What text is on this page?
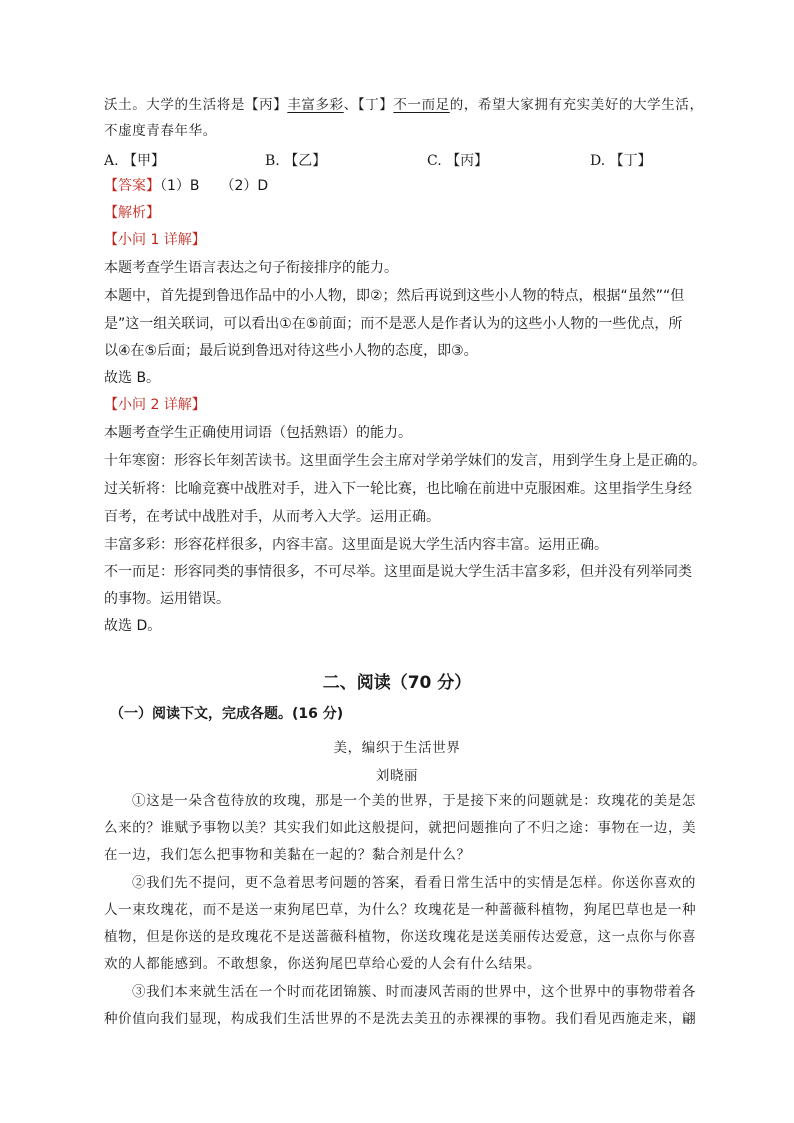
沃土。大学的生活将是【丙】丰富多彩、【丁】不一而足的，希望大家拥有充实美好的大学生活，
不虚度青春年华。
A. 【甲】	B. 【乙】	C. 【丙】	D. 【丁】
【答案】（1）B　　（2）D
【解析】
【小问 1 详解】
本题考查学生语言表达之句子衔接排序的能力。
本题中，首先提到鲁迅作品中的小人物，即②；然后再说到这些小人物的特点，根据“虽然”“但
是”这一组关联词，可以看出①在⑤前面；而不是恶人是作者认为的这些小人物的一些优点，所
以④在⑤后面；最后说到鲁迅对待这些小人物的态度，即③。
故选 B。
【小问 2 详解】
本题考查学生正确使用词语（包括熟语）的能力。
十年寒窗：形容长年刻苦读书。这里面学生会主席对学弟学妹们的发言，用到学生身上是正确的。
过关斩将：比喻竞赛中战胜对手，进入下一轮比赛，也比喻在前进中克服困难。这里指学生身经
百考，在考试中战胜对手，从而考入大学。运用正确。
丰富多彩：形容花样很多，内容丰富。这里面是说大学生活内容丰富。运用正确。
不一而足：形容同类的事情很多，不可尽举。这里面是说大学生活丰富多彩，但并没有列举同类
的事物。运用错误。
故选 D。
二、阅读（70 分）
（一）阅读下文，完成各题。(16 分)
美，编织于生活世界
刘晓丽
①这是一朵含苞待放的玫瑰，那是一个美的世界，于是接下来的问题就是：玫瑰花的美是怎
么来的？谁赋予事物以美？其实我们如此这般提问，就把问题推向了不归之途：事物在一边，美
在一边，我们怎么把事物和美黏在一起的？黏合剂是什么？
②我们先不提问，更不急着思考问题的答案，看看日常生活中的实情是怎样。你送你喜欢的
人一束玫瑰花，而不是送一束狗尾巴草，为什么？玫瑰花是一种蔷薇科植物，狗尾巴草也是一种
植物，但是你送的是玫瑰花不是送蔷薇科植物，你送玫瑰花是送美丽传达爱意，这一点你与你喜
欢的人都能感到。不敢想象，你送狗尾巴草给心爱的人会有什么结果。
③我们本来就生活在一个时而花团锦簇、时而凄风苦雨的世界中，这个世界中的事物带着各
种价值向我们显现，构成我们生活世界的不是洗去美丑的赤裸裸的事物。我们看见西施走来，翩
